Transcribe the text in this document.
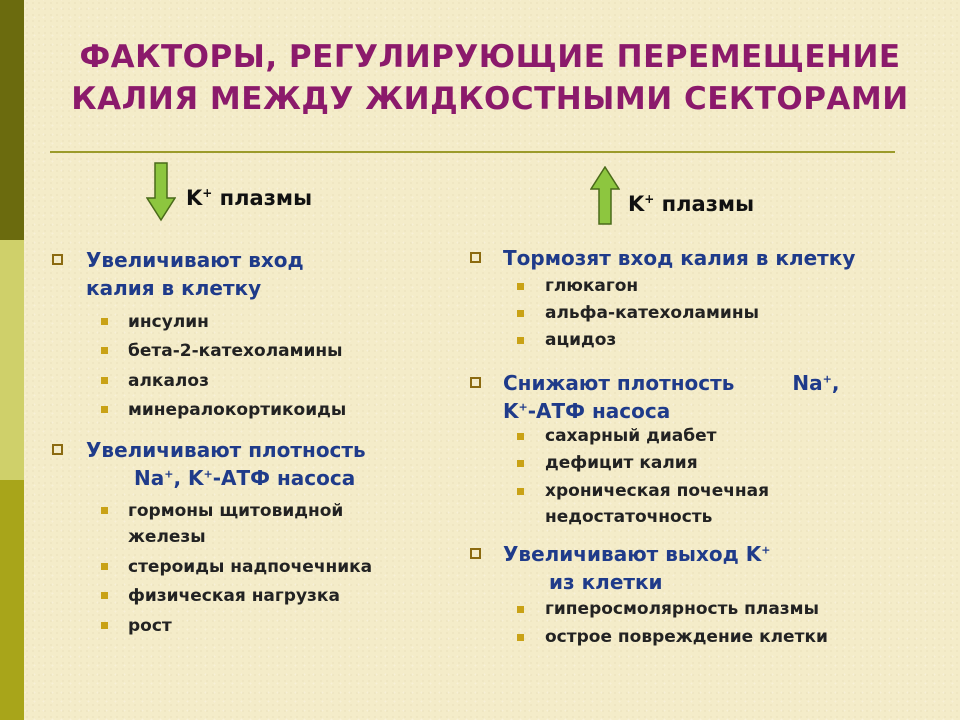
ФАКТОРЫ, РЕГУЛИРУЮЩИЕ ПЕРЕМЕЩЕНИЕ
КАЛИЯ МЕЖДУ ЖИДКОСТНЫМИ СЕКТОРАМИ
K+ плазмы
Увеличивают вход
калия в клетку
инсулин
бета-2-катехоламины
алкалоз
минералокортикоиды
Увеличивают плотность
Na+, K+-АТФ насоса
гормоны щитовидной
железы
стероиды надпочечника
физическая нагрузка
рост
K+ плазмы
Тормозят вход калия в клетку
глюкагон
альфа-катехоламины
ацидоз
Снижают плотность	Na+,
K+-АТФ насоса
сахарный диабет
дефицит калия
хроническая почечная
недостаточность
Увеличивают выход K+
из клетки
гиперосмолярность плазмы
острое повреждение клетки
